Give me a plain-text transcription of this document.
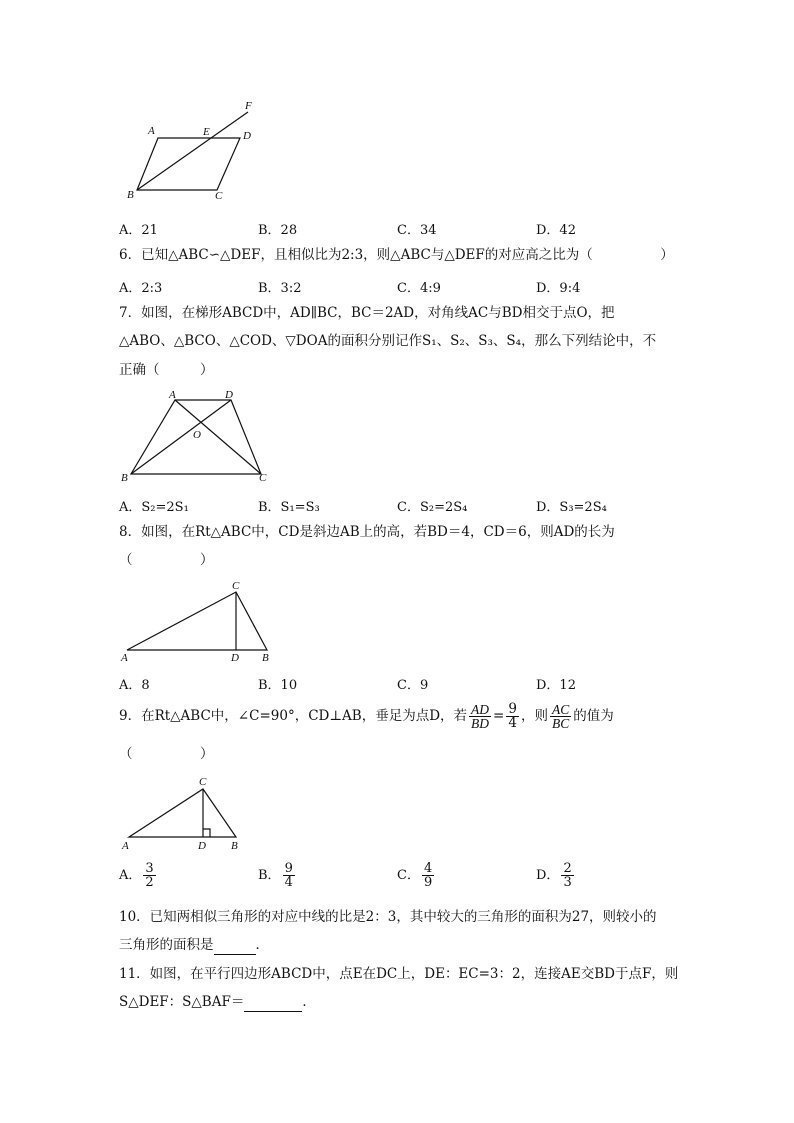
A	E	D
F
B	C
A．21	B．28	C．34	D．42
6．已知△ABC∽△DEF，且相似比为2:3，则△ABC与△DEF的对应高之比为（　　　　　）
A．2:3	B．3:2	C．4:9	D．9:4
7．如图，在梯形ABCD中，AD∥BC，BC＝2AD，对角线AC与BD相交于点O，把
△ABO、△BCO、△COD、▽DOA的面积分别记作S₁、S₂、S₃、S₄，那么下列结论中，不
正确（　　　）
A	D
O
B	C
A．S₂=2S₁	B．S₁=S₃	C．S₂=2S₄	D．S₃=2S₄
8．如图，在Rt△ABC中，CD是斜边AB上的高，若BD＝4，CD＝6，则AD的长为
（　　　　　）
C
A	D B
A．8	B．10	C．9	D．12
9．在Rt△ABC中，∠C=90°，CD⊥AB，垂足为点D，若 $\frac{AD}{BD} = \frac{9}{4}$ ，则 $\frac{AC}{BC}$ 的值为
（　　　　　）
C
A	D B
A． $\frac{3}{2}$	B． $\frac{9}{4}$	C． $\frac{4}{9}$	D． $\frac{2}{3}$
10．已知两相似三角形的对应中线的比是2：3，其中较大的三角形的面积为27，则较小的
三角形的面积是	．
11．如图，在平行四边形ABCD中，点E在DC上，DE：EC=3：2，连接AE交BD于点F，则
S△DEF：S△BAF＝	．
